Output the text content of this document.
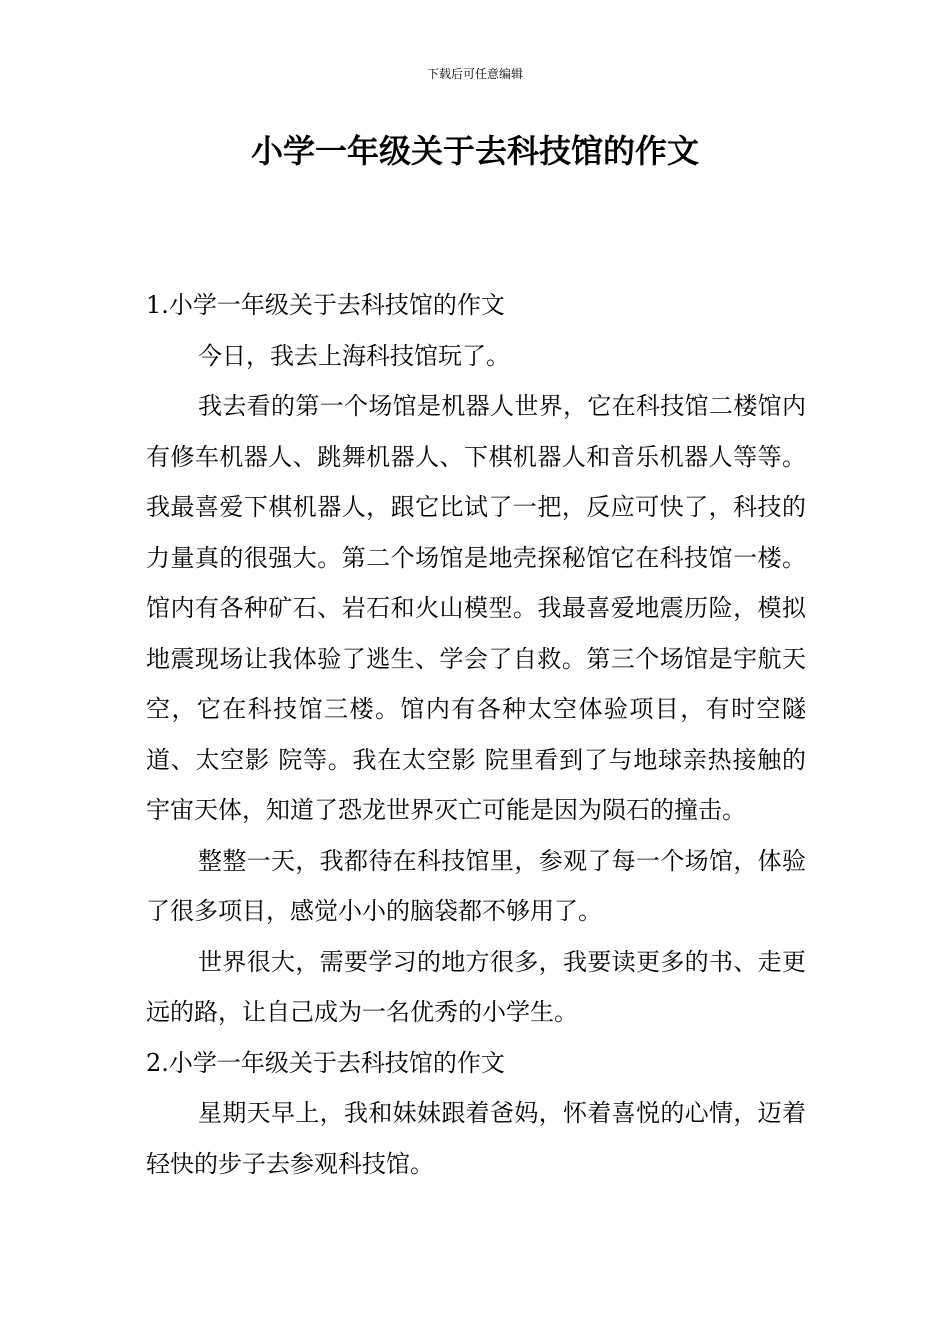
下载后可任意编辑
小学一年级关于去科技馆的作文

1.小学一年级关于去科技馆的作文

今日，我去上海科技馆玩了。

我去看的第一个场馆是机器人世界，它在科技馆二楼馆内有修车机器人、跳舞机器人、下棋机器人和音乐机器人等等。我最喜爱下棋机器人，跟它比试了一把，反应可快了，科技的力量真的很强大。第二个场馆是地壳探秘馆它在科技馆一楼。馆内有各种矿石、岩石和火山模型。我最喜爱地震历险，模拟地震现场让我体验了逃生、学会了自救。第三个场馆是宇航天空，它在科技馆三楼。馆内有各种太空体验项目，有时空隧道、太空影 院等。我在太空影 院里看到了与地球亲热接触的宇宙天体，知道了恐龙世界灭亡可能是因为陨石的撞击。

整整一天，我都待在科技馆里，参观了每一个场馆，体验了很多项目，感觉小小的脑袋都不够用了。

世界很大，需要学习的地方很多，我要读更多的书、走更远的路，让自己成为一名优秀的小学生。

2.小学一年级关于去科技馆的作文

星期天早上，我和妹妹跟着爸妈，怀着喜悦的心情，迈着轻快的步子去参观科技馆。
